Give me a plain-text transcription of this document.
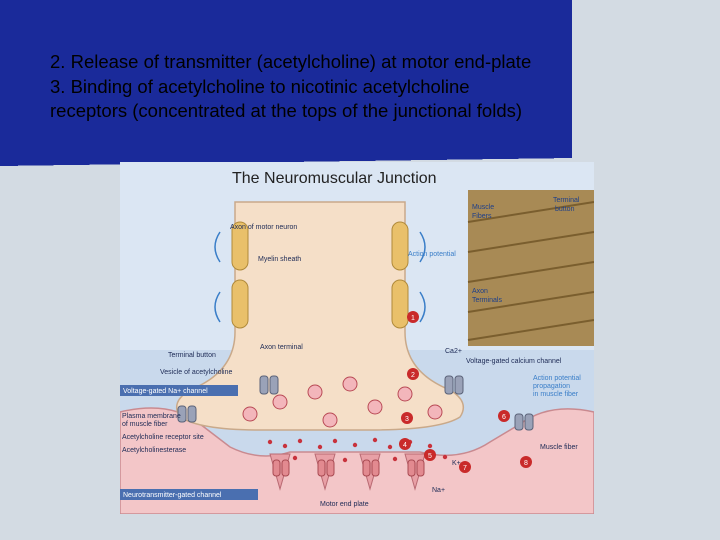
2. Release of transmitter (acetylcholine) at motor end-plate
3. Binding of acetylcholine to nicotinic acetylcholine
receptors (concentrated at the tops of the junctional folds)
The Neuromuscular Junction
Terminal
button
Muscle
Fibers
Axon
Terminals
1
2
3
4
5
6
7
8
Axon of motor neuron
Myelin sheath
Terminal button
Vesicle of acetylcholine
Plasma membrane
of muscle fiber
Acetylcholine receptor site
Acetylcholinesterase
Motor end plate
Voltage-gated Na+ channel
Neurotransmitter-gated channel
Action potential
Axon terminal
Ca2+
Voltage-gated calcium channel
Action potential
propagation
in muscle fiber
Muscle fiber
K+
Na+
